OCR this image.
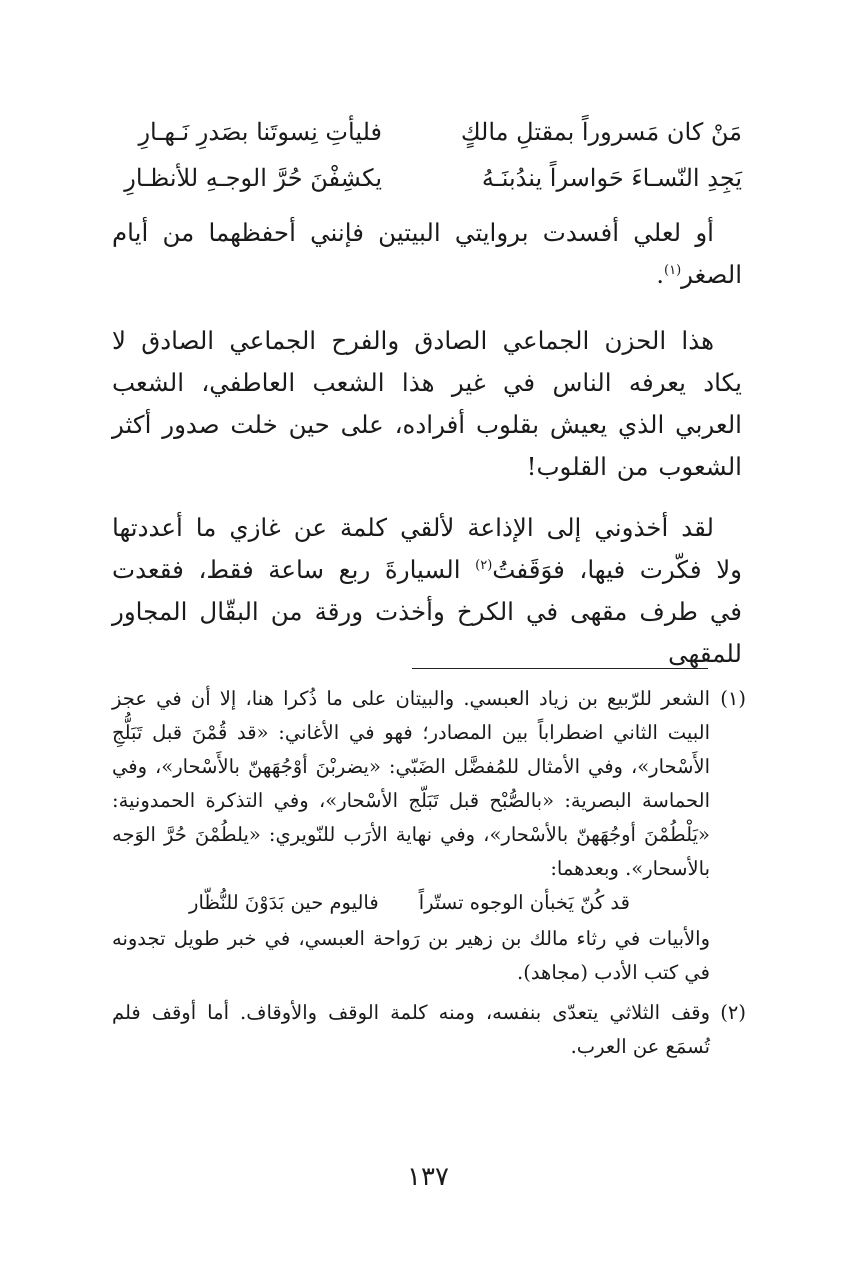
مَنْ كان مَسروراً بمقتلِ مالكٍ
فليأتِ نِسوتَنا بصَدرِ نَـهـارِ
يَجِدِ النّسـاءَ حَواسراً يندُبنَـهُ
يكشِفْنَ حُرَّ الوجـهِ للأنظـارِ

أو لعلي أفسدت بروايتي البيتين فإنني أحفظهما من أيام الصغر$^{(١)}$.

هذا الحزن الجماعي الصادق والفرح الجماعي الصادق لا يكاد يعرفه الناس في غير هذا الشعب العاطفي، الشعب العربي الذي يعيش بقلوب أفراده، على حين خلت صدور أكثر الشعوب من القلوب!

لقد أخذوني إلى الإذاعة لألقي كلمة عن غازي ما أعددتها ولا فكّرت فيها، فوَقَفتُ$^{(٢)}$ السيارةَ ربع ساعة فقط، فقعدت في طرف مقهى في الكرخ وأخذت ورقة من البقّال المجاور للمقهى

(١)
الشعر للرّبيع بن زياد العبسي. والبيتان على ما ذُكرا هنا، إلا أن في عجز البيت الثاني اضطراباً بين المصادر؛ فهو في الأغاني: «قد قُمْنَ قبل تَبَلُّجِ الأَسْحار»، وفي الأمثال للمُفضَّل الضَبّي: «يضربْنَ أوْجُهَهنّ بالأَسْحار»، وفي الحماسة البصرية: «بالصُّبْح قبل تَبَلّج الأسْحار»، وفي التذكرة الحمدونية: «يَلْطُمْنَ أوجُهَهنّ بالأسْحار»، وفي نهاية الأرَب للنّويري: «يلطُمْنَ حُرَّ الوَجه بالأسحار». وبعدهما:
قد كُنّ يَخبأن الوجوه تستّراً
فاليوم حين بَدَوْنَ للنُّظّار
والأبيات في رثاء مالك بن زهير بن رَواحة العبسي، في خبر طويل تجدونه في كتب الأدب (مجاهد).
(٢)
وقف الثلاثي يتعدّى بنفسه، ومنه كلمة الوقف والأوقاف. أما أوقف فلم تُسمَع عن العرب.
١٣٧
